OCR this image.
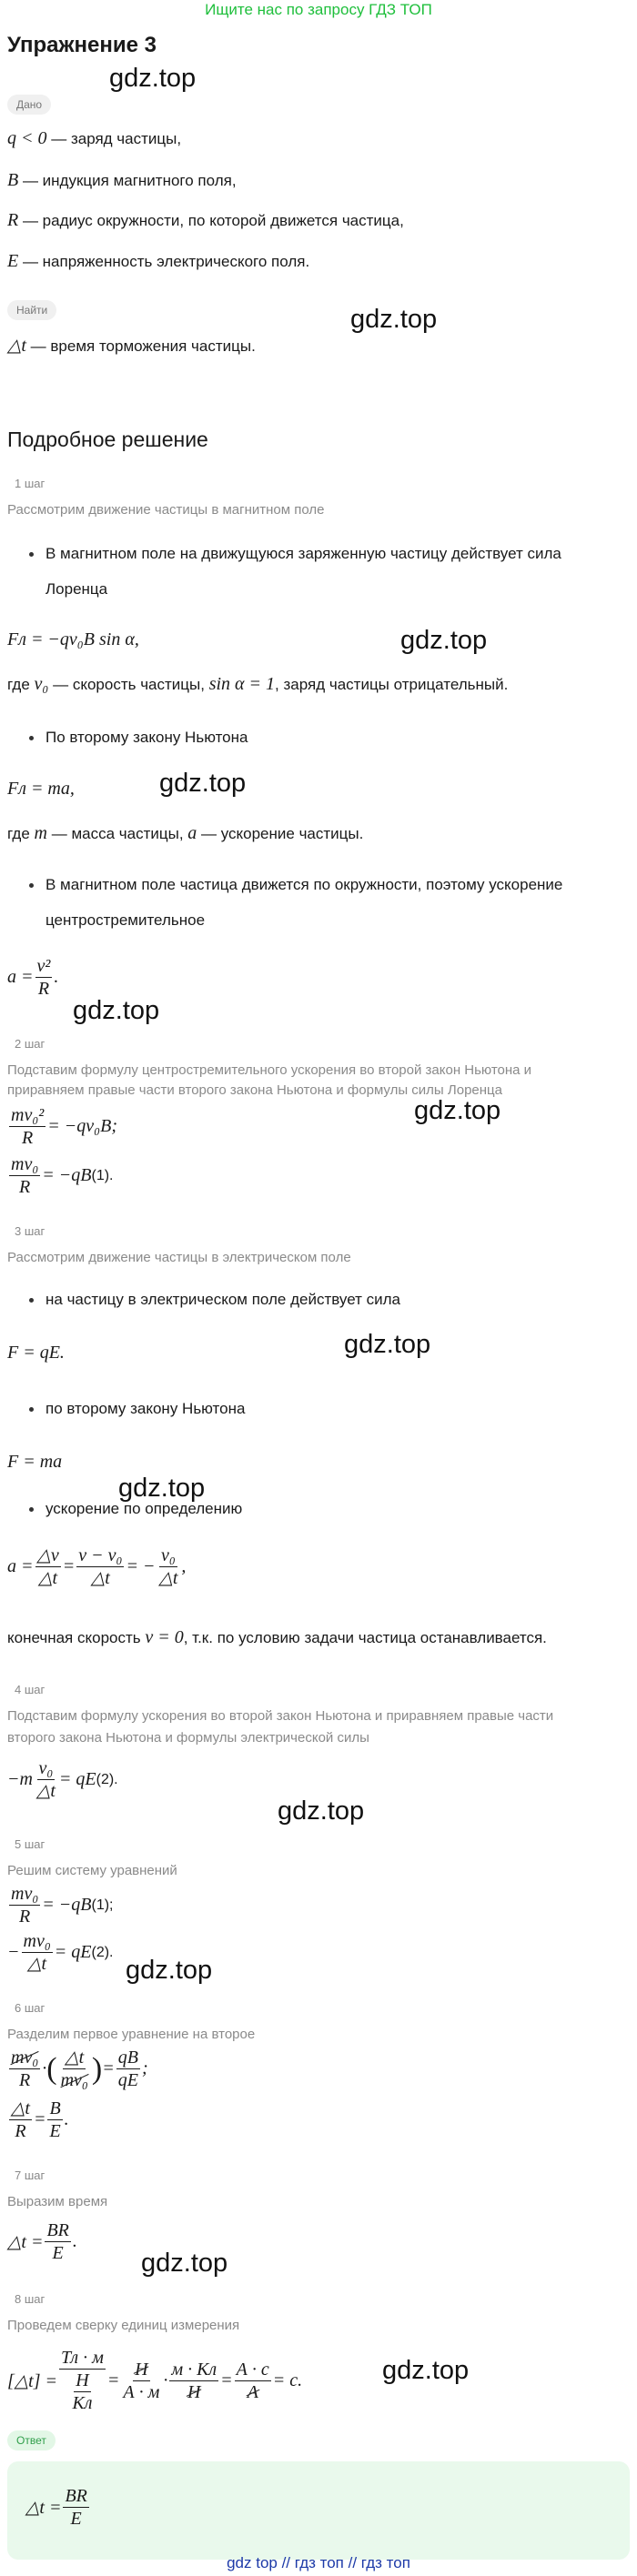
Ищите нас по запросу ГДЗ ТОП
Упражнение 3
gdz.top
gdz.top
gdz.top
gdz.top
gdz.top
gdz.top
gdz.top
gdz.top
gdz.top
gdz.top
gdz.top
gdz.top
Дано
q < 0 — заряд частицы,
B — индукция магнитного поля,
R — радиус окружности, по которой движется частица,
E — напряженность электрического поля.
Найти
△t — время торможения частицы.
Подробное решение
1 шаг
Рассмотрим движение частицы в магнитном поле
В магнитном поле на движущуюся заряженную частицу действует сила
Лоренца
Fл = −qv₀B sin α,
где v₀ — скорость частицы, sin α = 1, заряд частицы отрицательный.
По второму закону Ньютона
Fл = ma,
где m — масса частицы, a — ускорение частицы.
В магнитном поле частица движется по окружности, поэтому ускорение
центростремительное
$a = \frac{\text{v²}}{R}$ .
2 шаг
Подставим формулу центростремительного ускорения во второй закон Ньютона и
приравняем правые части второго закона Ньютона и формулы силы Лоренца
$\frac{\text{mv₀²}}{R} = -qv_0B$;
$\frac{\text{mv₀}}{R} = -qB$ (1).
3 шаг
Рассмотрим движение частицы в электрическом поле
на частицу в электрическом поле действует сила
F = qE.
по второму закону Ньютона
F = ma
ускорение по определению
$a = \frac{\triangle v}{\triangle t} = \frac{\text{v − v₀}}{\triangle t}$ = − $\frac{\text{v₀}}{\triangle t}$ ,
конечная скорость v = 0, т.к. по условию задачи частица останавливается.
4 шаг
Подставим формулу ускорения во второй закон Ньютона и приравняем правые части
второго закона Ньютона и формулы электрической силы
$-m \frac{\text{v₀}}{\triangle t}$ = qE (2).
5 шаг
Решим систему уравнений
$\frac{\text{mv₀}}{R} = -qB$ (1);
− $\frac{\text{mv₀}}{\triangle t}$ = qE (2).
6 шаг
Разделим первое уравнение на второе
$\frac{\text{mv₀}}{R}$ · ( $\frac{\triangle t}{\text{mv₀}}$ ) = $\frac{qB}{qE}$ ;
$\frac{\triangle t}{R} = \frac{B}{E}$ .
7 шаг
Выразим время
△t = $\frac{BR}{E}$ .
8 шаг
Проведем сверку единиц измерения
[△t] = $\frac{Тл \cdot м}{\frac{Н}{Кл}} = \frac{Н}{А \cdot м} \cdot \frac{м \cdot Кл}{Н} = \frac{А \cdot с}{А} = с$.
Ответ
△t = $\frac{BR}{E}$
gdz top // гдз топ // гдз топ
